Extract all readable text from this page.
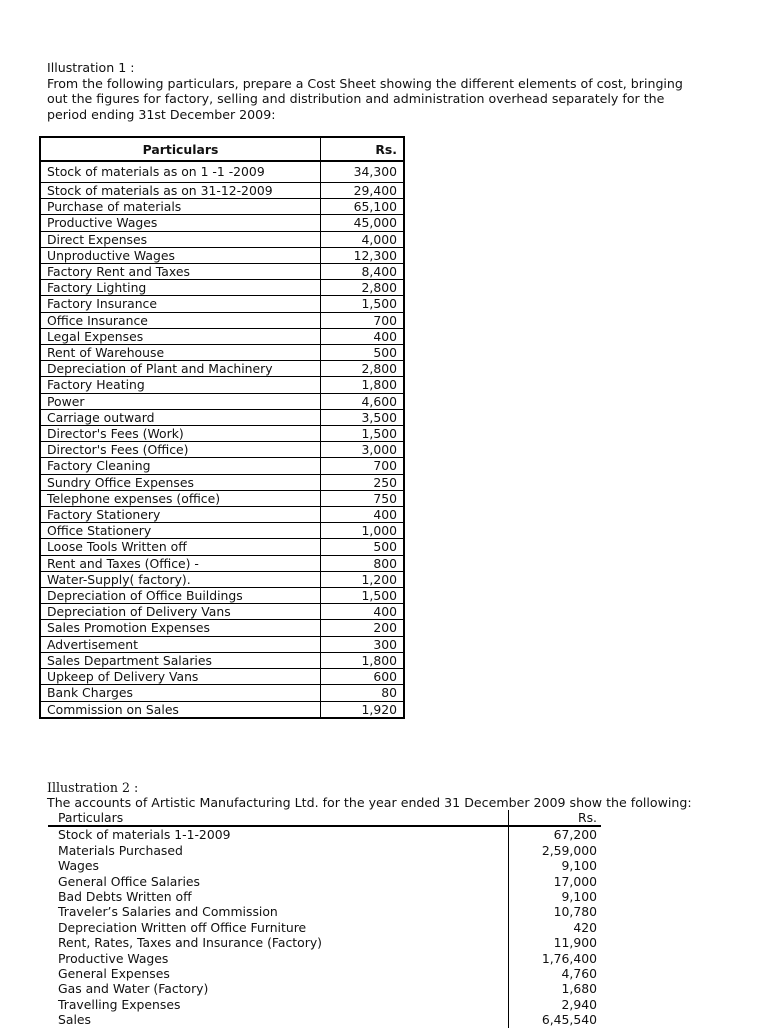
Illustration 1 :

From the following particulars, prepare a Cost Sheet showing the different elements of cost, bringing

out the figures for factory, selling and distribution and administration overhead separately for the

period ending 31st December 2009:

Particulars	Rs.
Stock of materials as on 1 -1 -2009	34,300
Stock of materials as on 31-12-2009	29,400
Purchase of materials	65,100
Productive Wages	45,000
Direct Expenses	4,000
Unproductive Wages	12,300
Factory Rent and Taxes	8,400
Factory Lighting	2,800
Factory Insurance	1,500
Office Insurance	700
Legal Expenses	400
Rent of Warehouse	500
Depreciation of Plant and Machinery	2,800
Factory Heating	1,800
Power	4,600
Carriage outward	3,500
Director's Fees (Work)	1,500
Director's Fees (Office)	3,000
Factory Cleaning	700
Sundry Office Expenses	250
Telephone expenses (office)	750
Factory Stationery	400
Office Stationery	1,000
Loose Tools Written off	500
Rent and Taxes (Office) -	800
Water-Supply( factory).	1,200
Depreciation of Office Buildings	1,500
Depreciation of Delivery Vans	400
Sales Promotion Expenses	200
Advertisement	300
Sales Department Salaries	1,800
Upkeep of Delivery Vans	600
Bank Charges	80
Commission on Sales	1,920
Illustration 2 :
The accounts of Artistic Manufacturing Ltd. for the year ended 31 December 2009 show the following:
Particulars	Rs.
Stock of materials 1-1-2009	67,200
Materials Purchased	2,59,000
Wages	9,100
General Office Salaries	17,000
Bad Debts Written off	9,100
Traveler’s Salaries and Commission	10,780
Depreciation Written off Office Furniture	420
Rent, Rates, Taxes and Insurance (Factory)	11,900
Productive Wages	1,76,400
General Expenses	4,760
Gas and Water (Factory)	1,680
Travelling Expenses	2,940
Sales	6,45,540
